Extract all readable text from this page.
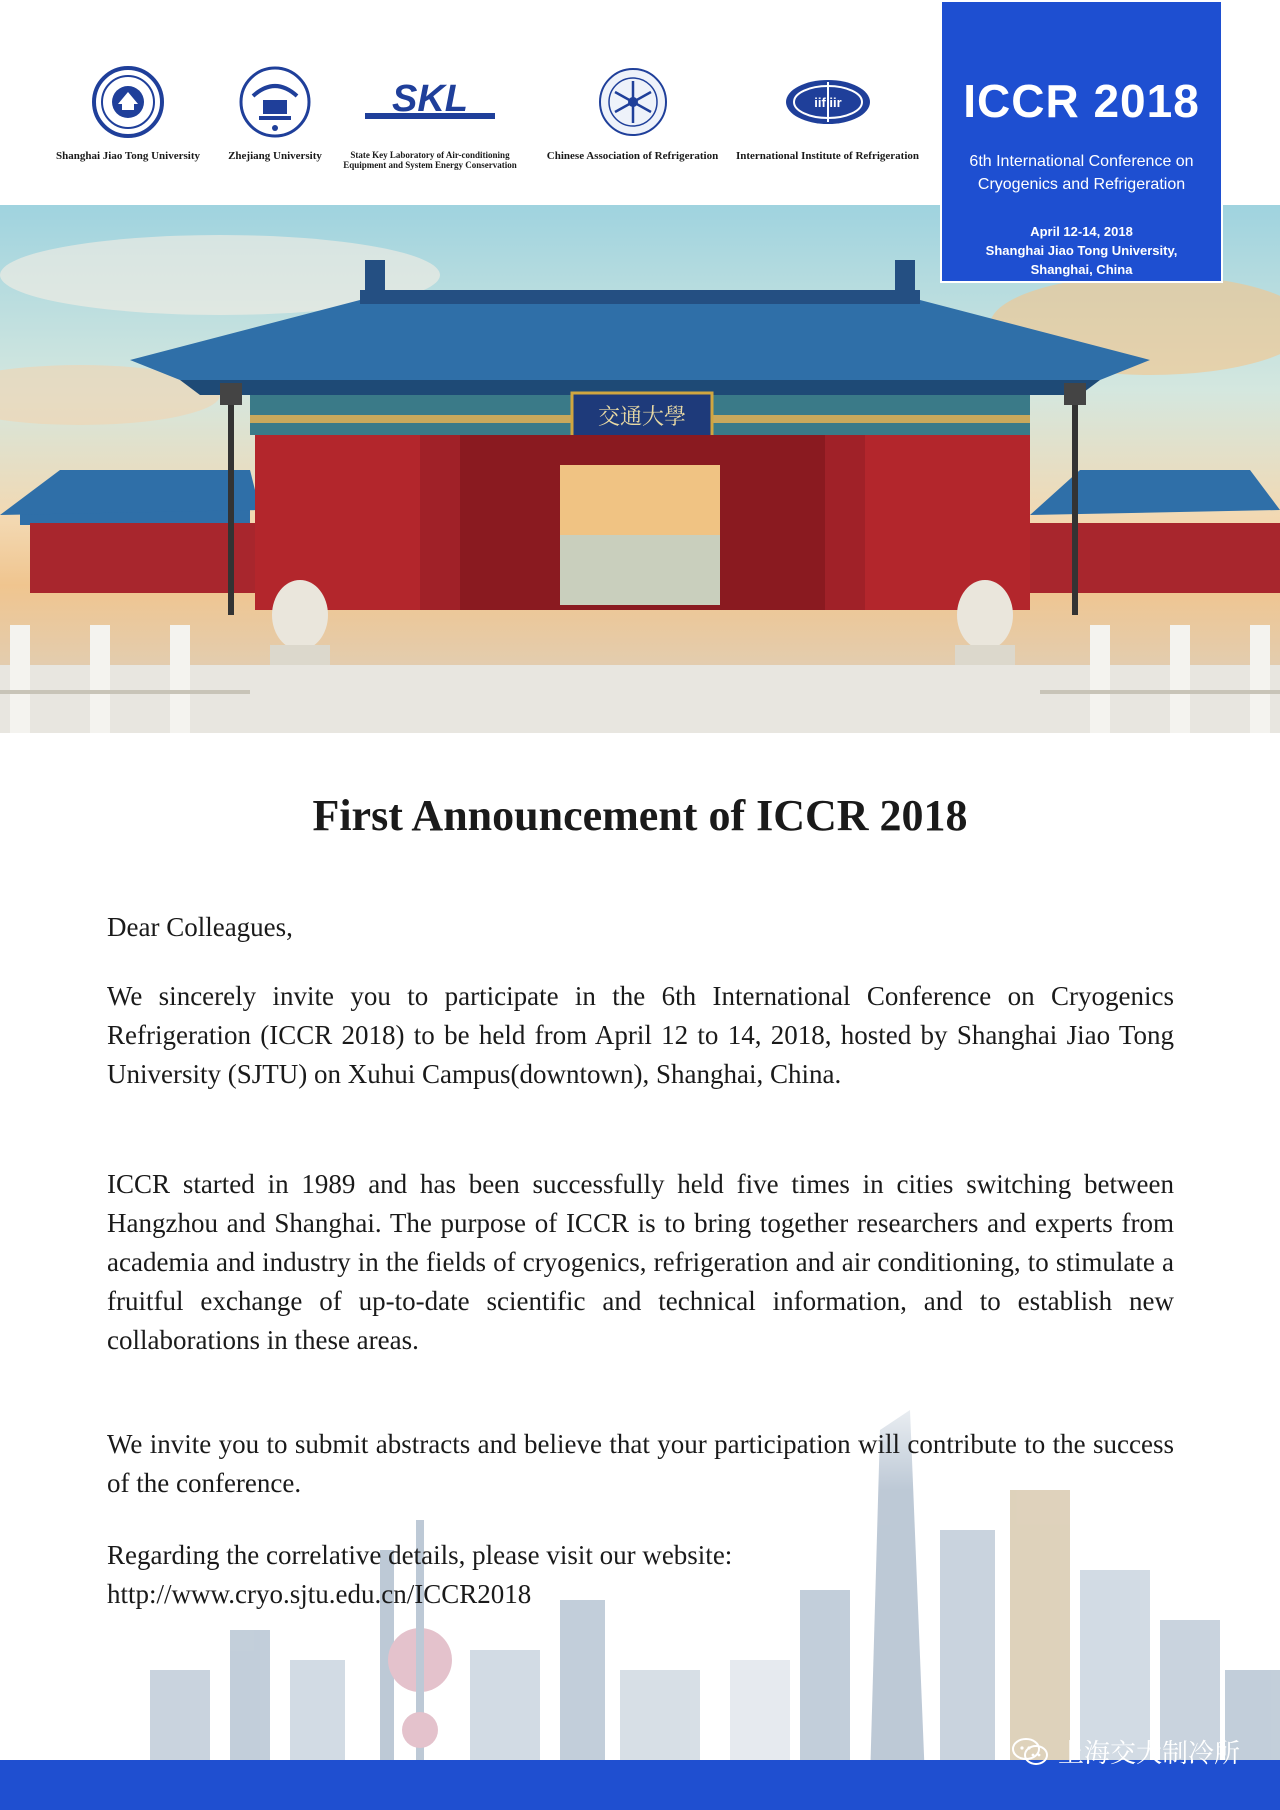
Shanghai Jiao Tong University	Zhejiang University
SKL
State Key Laboratory of Air-conditioning
Equipment and System Energy Conservation
Chinese Association of Refrigeration
iif iir
International Institute of Refrigeration
ICCR 2018
6th International Conference on
Cryogenics and Refrigeration
April 12-14, 2018
Shanghai Jiao Tong University,
Shanghai, China
交通大學
First Announcement of ICCR 2018

Dear Colleagues,

We sincerely invite you to participate in the 6th International Conference on Cryogenics Refrigeration (ICCR 2018) to be held from April 12 to 14, 2018, hosted by Shanghai Jiao Tong University (SJTU) on Xuhui Campus(downtown), Shanghai, China.

ICCR started in 1989 and has been successfully held five times in cities switching between Hangzhou and Shanghai. The purpose of ICCR is to bring together researchers and experts from academia and industry in the fields of cryogenics, refrigeration and air conditioning, to stimulate a fruitful exchange of up-to-date scientific and technical information, and to establish new collaborations in these areas.

We invite you to submit abstracts and believe that your participation will contribute to the success of the conference.

Regarding the correlative details, please visit our website:
http://www.cryo.sjtu.edu.cn/ICCR2018

上海交大制冷所
